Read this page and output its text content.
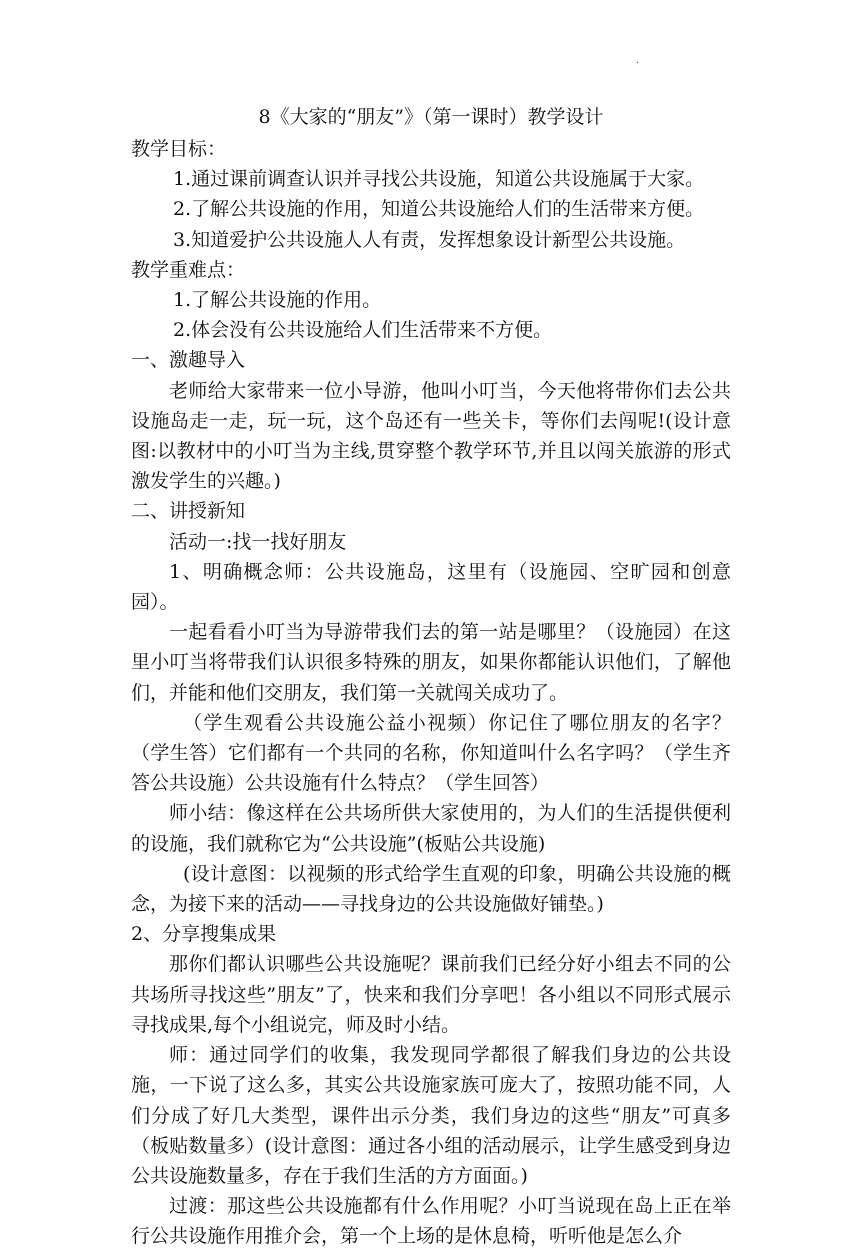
·
8《大家的“朋友”》（第一课时）教学设计

教学目标：

1.通过课前调查认识并寻找公共设施，知道公共设施属于大家。

2.了解公共设施的作用，知道公共设施给人们的生活带来方便。

3.知道爱护公共设施人人有责，发挥想象设计新型公共设施。

教学重难点：

1.了解公共设施的作用。

2.体会没有公共设施给人们生活带来不方便。

一、激趣导入

老师给大家带来一位小导游，他叫小叮当，今天他将带你们去公共设施岛走一走，玩一玩，这个岛还有一些关卡，等你们去闯呢!(设计意图:以教材中的小叮当为主线,贯穿整个教学环节,并且以闯关旅游的形式激发学生的兴趣。)

二、讲授新知

活动一:找一找好朋友

1、明确概念师：公共设施岛，这里有（设施园、空旷园和创意园）。

一起看看小叮当为导游带我们去的第一站是哪里？（设施园）在这里小叮当将带我们认识很多特殊的朋友，如果你都能认识他们，了解他们，并能和他们交朋友，我们第一关就闯关成功了。

（学生观看公共设施公益小视频）你记住了哪位朋友的名字？（学生答）它们都有一个共同的名称，你知道叫什么名字吗？（学生齐答公共设施）公共设施有什么特点？（学生回答）

师小结：像这样在公共场所供大家使用的，为人们的生活提供便利的设施，我们就称它为“公共设施”(板贴公共设施)

(设计意图：以视频的形式给学生直观的印象，明确公共设施的概念，为接下来的活动——寻找身边的公共设施做好铺垫。)

2、分享搜集成果

那你们都认识哪些公共设施呢？课前我们已经分好小组去不同的公共场所寻找这些”朋友”了，快来和我们分享吧！各小组以不同形式展示寻找成果,每个小组说完，师及时小结。

师：通过同学们的收集，我发现同学都很了解我们身边的公共设施，一下说了这么多，其实公共设施家族可庞大了，按照功能不同，人们分成了好几大类型，课件出示分类，我们身边的这些“朋友”可真多（板贴数量多）(设计意图：通过各小组的活动展示，让学生感受到身边公共设施数量多，存在于我们生活的方方面面。)

过渡：那这些公共设施都有什么作用呢？小叮当说现在岛上正在举行公共设施作用推介会，第一个上场的是休息椅，听听他是怎么介
